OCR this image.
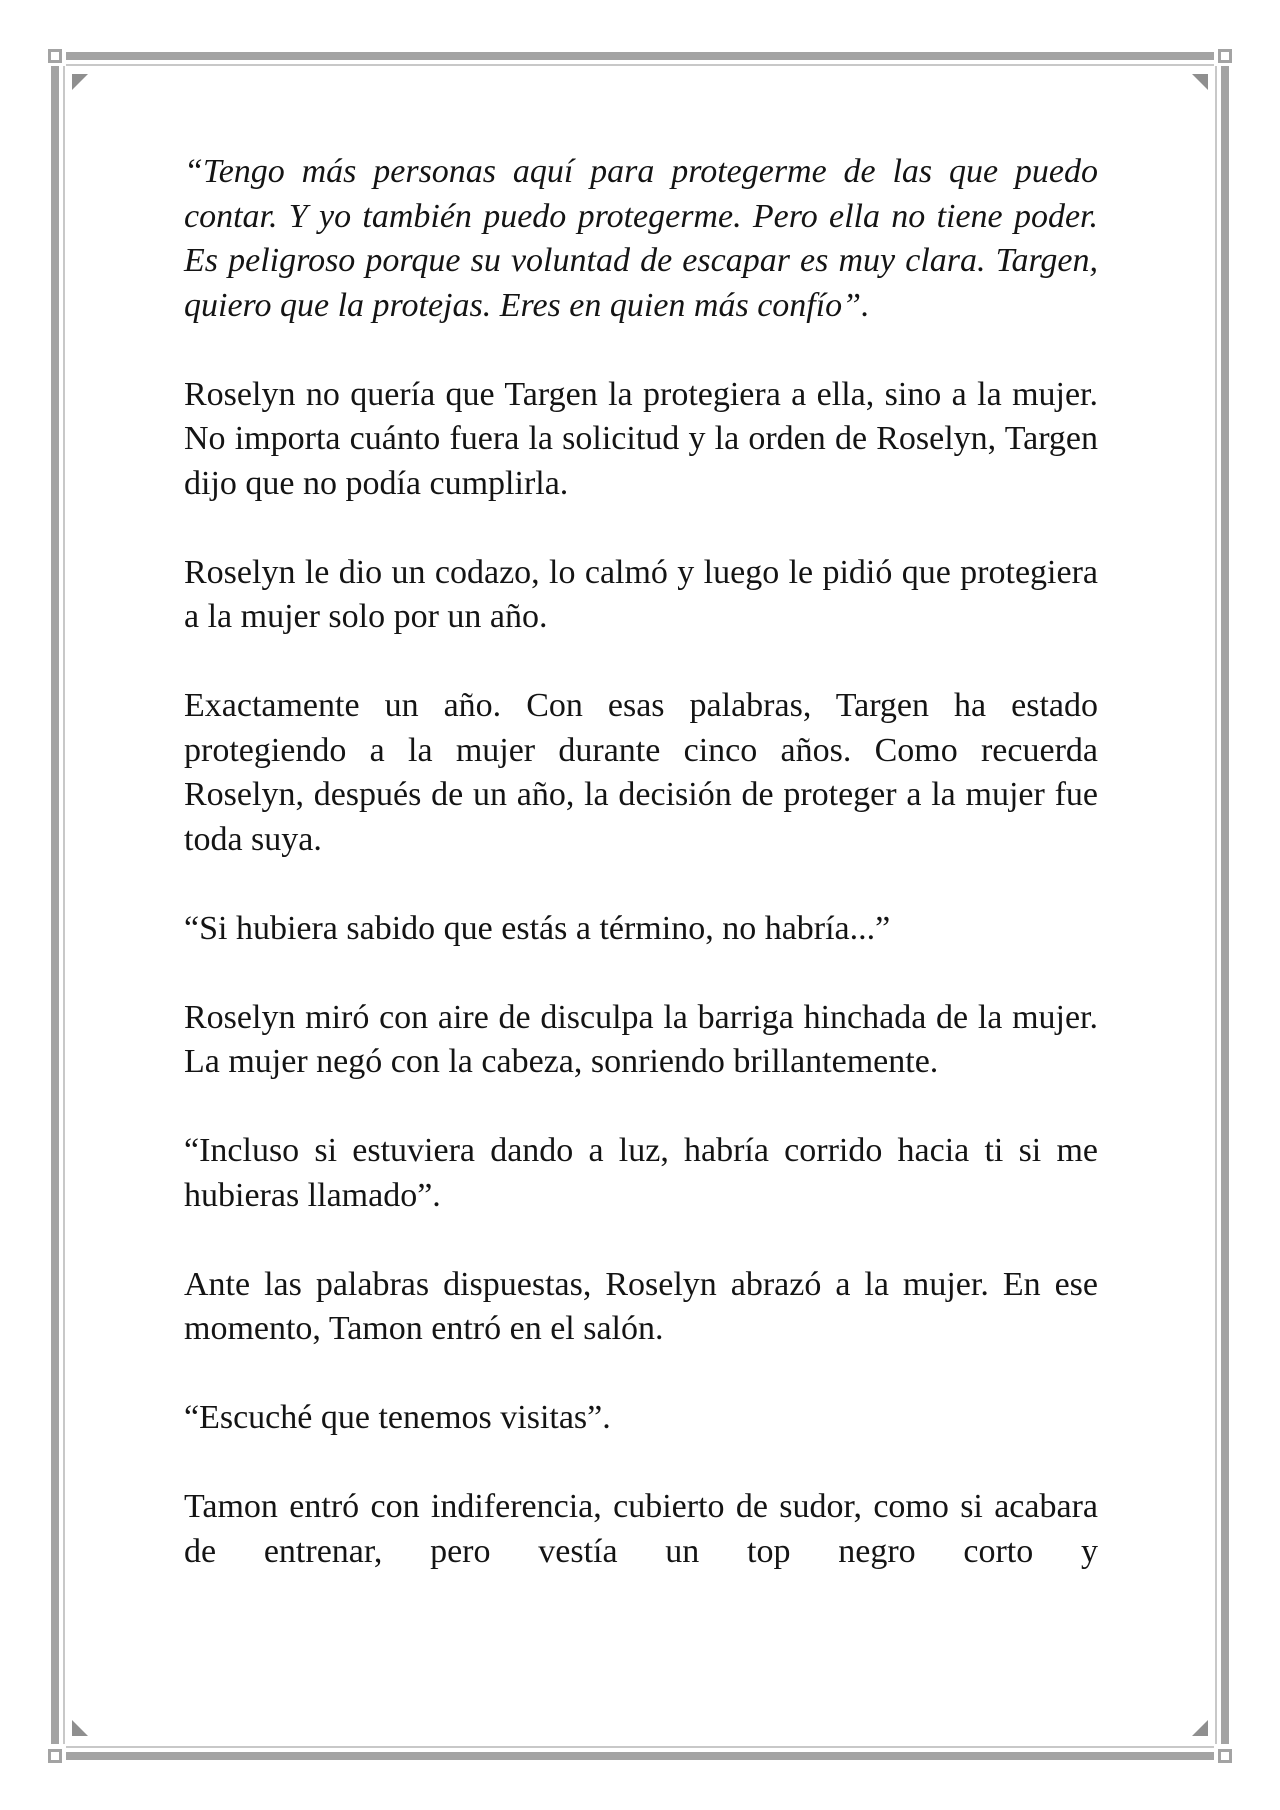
“Tengo más personas aquí para protegerme de las que puedo contar. Y yo también puedo protegerme. Pero ella no tiene poder. Es peligroso porque su voluntad de escapar es muy clara. Targen, quiero que la protejas. Eres en quien más confío”.

Roselyn no quería que Targen la protegiera a ella, sino a la mujer. No importa cuánto fuera la solicitud y la orden de Roselyn, Targen dijo que no podía cumplirla.

Roselyn le dio un codazo, lo calmó y luego le pidió que protegiera a la mujer solo por un año.

Exactamente un año. Con esas palabras, Targen ha estado protegiendo a la mujer durante cinco años. Como recuerda Roselyn, después de un año, la decisión de proteger a la mujer fue toda suya.

“Si hubiera sabido que estás a término, no habría...”

Roselyn miró con aire de disculpa la barriga hinchada de la mujer. La mujer negó con la cabeza, sonriendo brillantemente.

“Incluso si estuviera dando a luz, habría corrido hacia ti si me hubieras llamado”.

Ante las palabras dispuestas, Roselyn abrazó a la mujer. En ese momento, Tamon entró en el salón.

“Escuché que tenemos visitas”.

Tamon entró con indiferencia, cubierto de sudor, como si acabara de entrenar, pero vestía un top negro corto y
